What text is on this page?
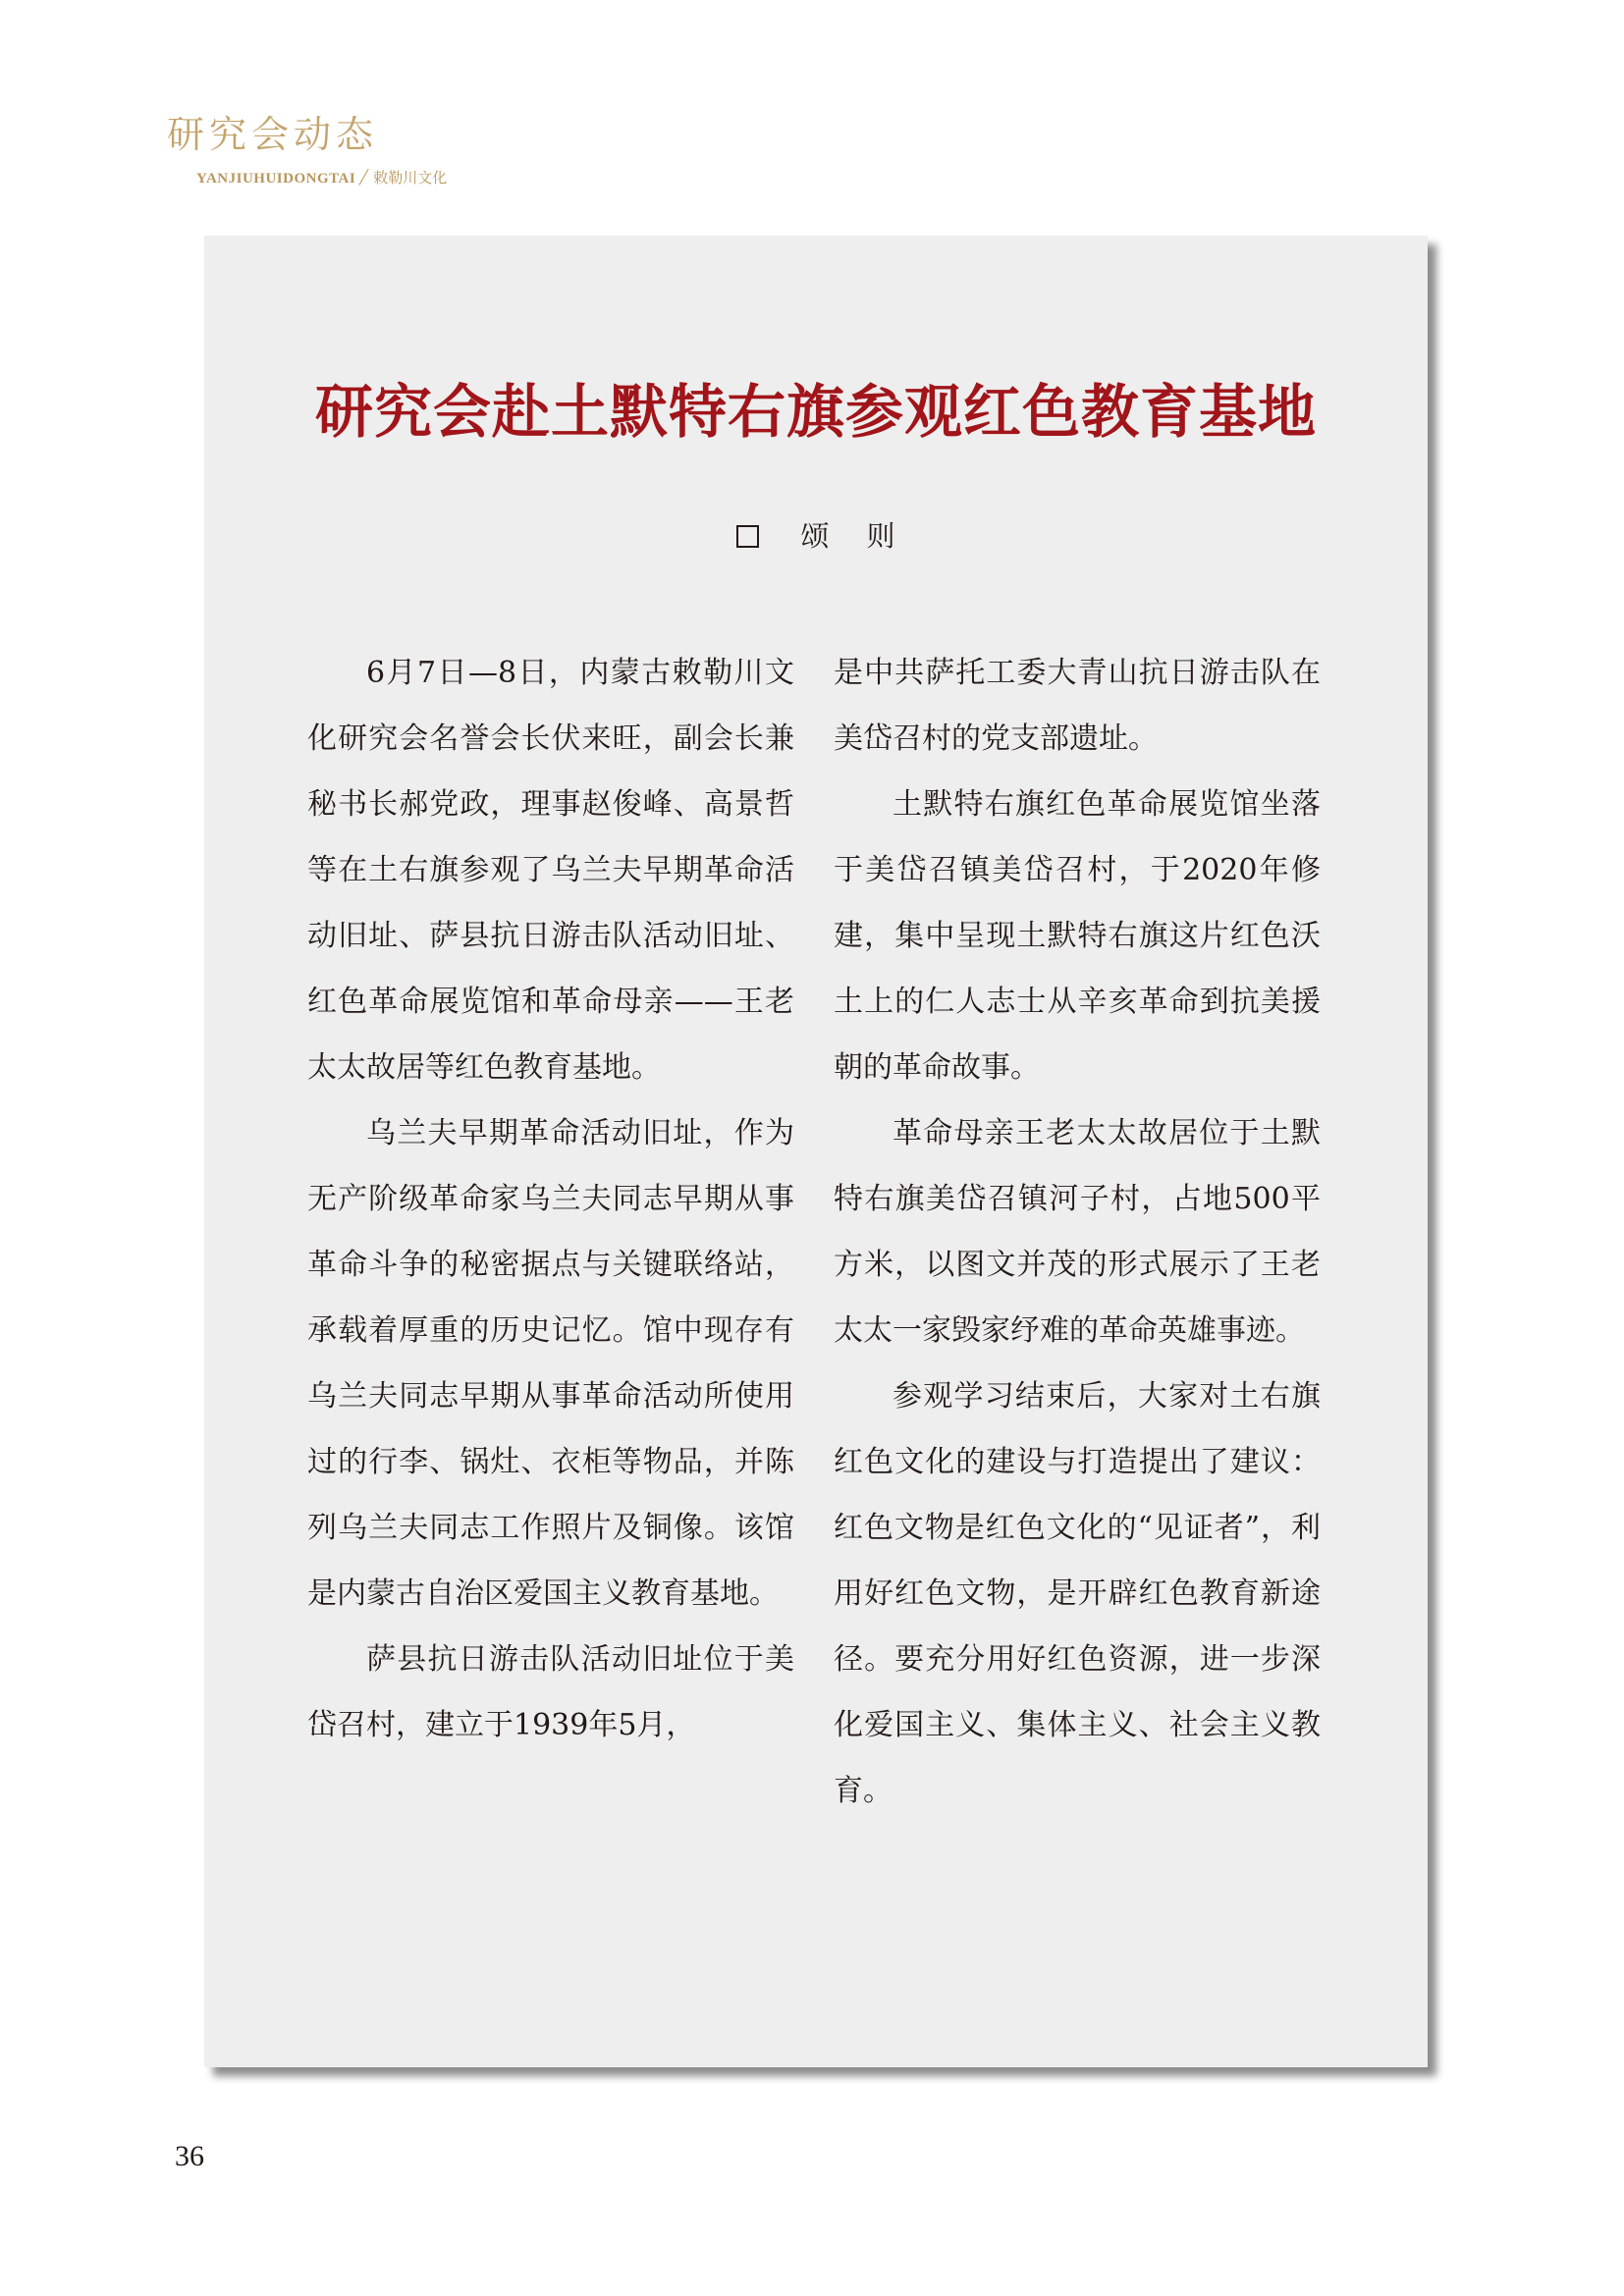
研究会动态
YANJIUHUIDONGTAI 敕勒川文化
研究会赴土默特右旗参观红色教育基地
颂则

6月7日—8日，内蒙古敕勒川文化研究会名誉会长伏来旺，副会长兼秘书长郝党政，理事赵俊峰、高景哲等在土右旗参观了乌兰夫早期革命活动旧址、萨县抗日游击队活动旧址、红色革命展览馆和革命母亲——王老太太故居等红色教育基地。

乌兰夫早期革命活动旧址，作为无产阶级革命家乌兰夫同志早期从事革命斗争的秘密据点与关键联络站，承载着厚重的历史记忆。馆中现存有乌兰夫同志早期从事革命活动所使用过的行李、锅灶、衣柜等物品，并陈列乌兰夫同志工作照片及铜像。该馆是内蒙古自治区爱国主义教育基地。

萨县抗日游击队活动旧址位于美岱召村，建立于1939年5月，

是中共萨托工委大青山抗日游击队在美岱召村的党支部遗址。

土默特右旗红色革命展览馆坐落于美岱召镇美岱召村，于2020年修建，集中呈现土默特右旗这片红色沃土上的仁人志士从辛亥革命到抗美援朝的革命故事。

革命母亲王老太太故居位于土默特右旗美岱召镇河子村，占地500平方米，以图文并茂的形式展示了王老太太一家毁家纾难的革命英雄事迹。

参观学习结束后，大家对土右旗红色文化的建设与打造提出了建议：红色文物是红色文化的“见证者”，利用好红色文物，是开辟红色教育新途径。要充分用好红色资源，进一步深化爱国主义、集体主义、社会主义教育。

36
